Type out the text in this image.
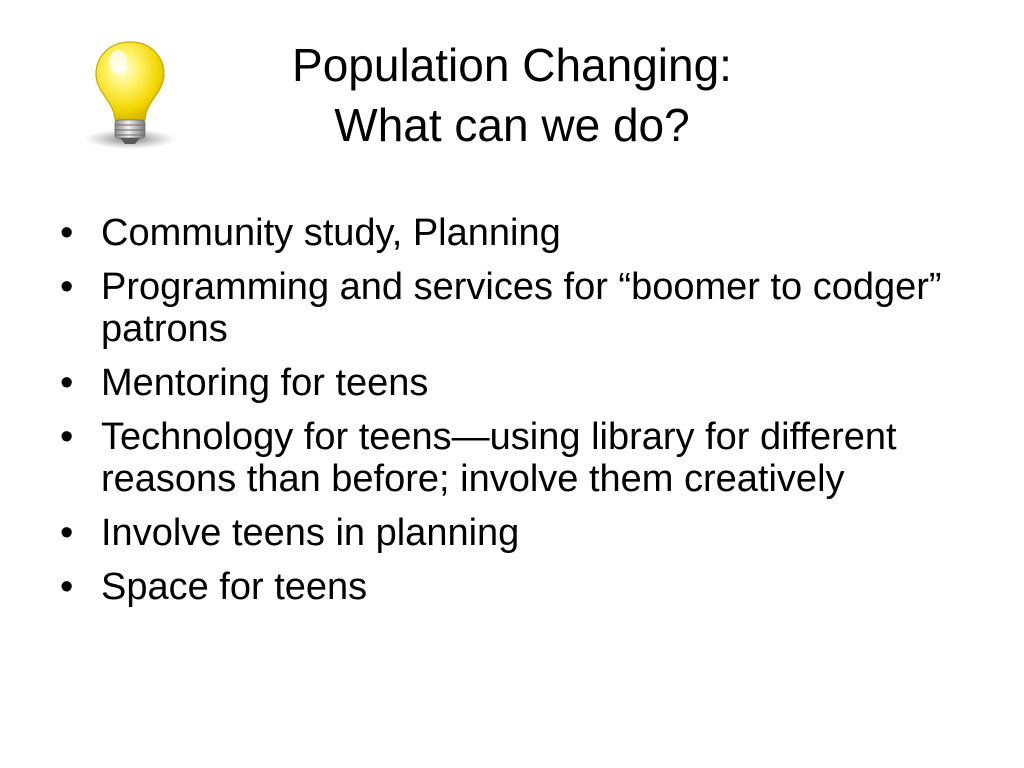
Population Changing:
What can we do?
• Community study, Planning
• Programming and services for “boomer to codger” patrons
• Mentoring for teens
• Technology for teens—using library for different reasons than before; involve them creatively
• Involve teens in planning
• Space for teens
